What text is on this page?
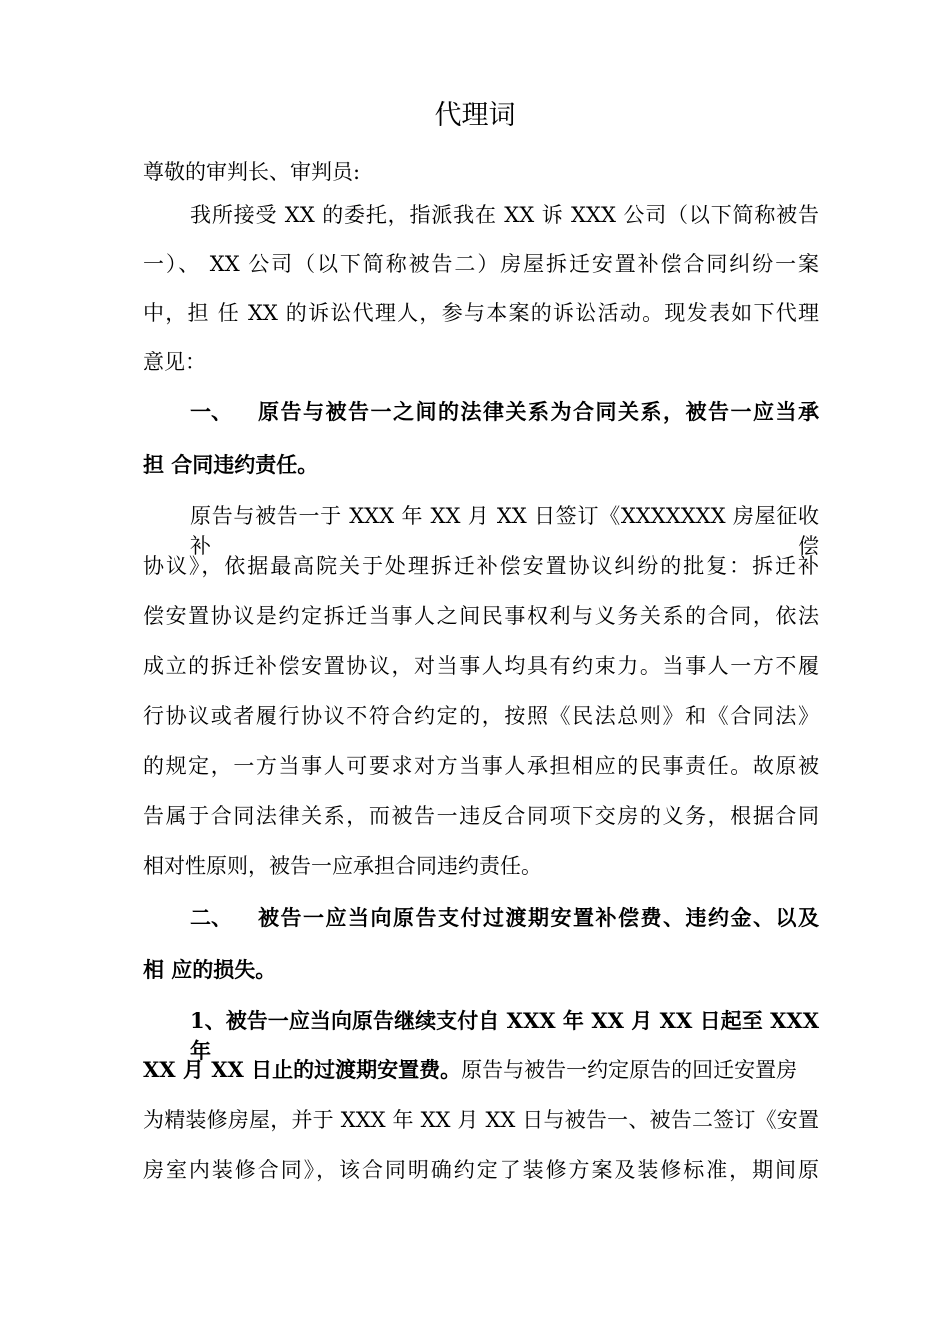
代理词
尊敬的审判长、审判员:
我所接受 XX 的委托，指派我在 XX 诉 XXX 公司（以下简称被告
一）、 XX 公司（以下简称被告二）房屋拆迁安置补偿合同纠纷一案
中，担 任 XX 的诉讼代理人，参与本案的诉讼活动。现发表如下代理
意见：
一、 原告与被告一之间的法律关系为合同关系，被告一应当承
担 合同违约责任。
原告与被告一于 XXX 年 XX 月 XX 日签订《XXXXXXX 房屋征收补偿
协议》，依据最高院关于处理拆迁补偿安置协议纠纷的批复：拆迁补
偿安置协议是约定拆迁当事人之间民事权利与义务关系的合同，依法
成立的拆迁补偿安置协议，对当事人均具有约束力。当事人一方不履
行协议或者履行协议不符合约定的，按照《民法总则》和《合同法》
的规定，一方当事人可要求对方当事人承担相应的民事责任。故原被
告属于合同法律关系，而被告一违反合同项下交房的义务，根据合同
相对性原则，被告一应承担合同违约责任。
二、 被告一应当向原告支付过渡期安置补偿费、违约金、以及
相 应的损失。
1、被告一应当向原告继续支付自 XXX 年 XX 月 XX 日起至 XXX 年
XX 月 XX 日止的过渡期安置费。原告与被告一约定原告的回迁安置房
为精装修房屋，并于 XXX 年 XX 月 XX 日与被告一、被告二签订《安置
房室内装修合同》，该合同明确约定了装修方案及装修标准，期间原
